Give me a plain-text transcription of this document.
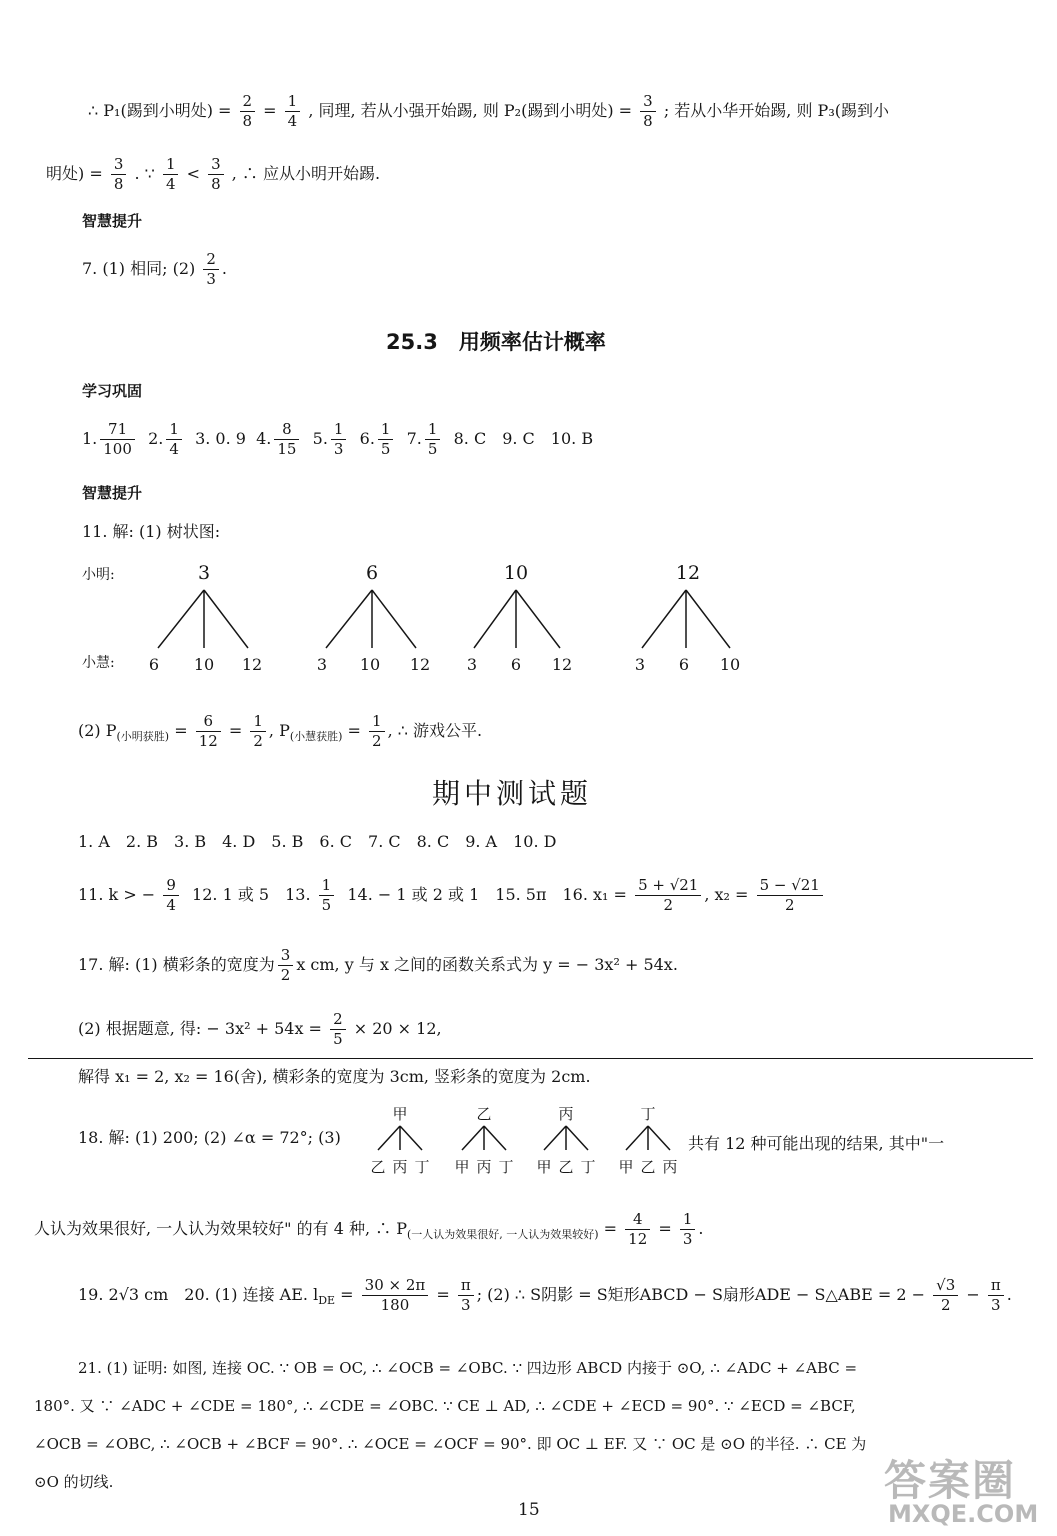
∴ P₁(踢到小明处) = $\frac{2}{8} = \frac{1}{4}$ , 同理, 若从小强开始踢, 则 P₂(踢到小明处) = $\frac{3}{8}$ ; 若从小华开始踢, 则 P₃(踢到小
明处) = $\frac{3}{8}$ . ∵ $\frac{1}{4} < \frac{3}{8}$ , ∴ 应从小明开始踢.
智慧提升
7. (1) 相同; $(2) \frac{2}{3}$ .
25.3　用频率估计概率
学习巩固
1. $\frac{71}{100} 2$. $\frac{1}{4} 3$. 0. 9 4. $\frac{8}{15} 5$. $\frac{1}{3} 6$. $\frac{1}{5} 7$. $\frac{1}{5} 8$. C　9. C　10. B
智慧提升
11. 解: (1) 树状图:
小明:
小慧:
3
6 10 12
6
3 10 12
10
3 6 12
12
3 6 10
(2) $P_{(小明获胜)} = \frac{6}{12} = \frac{1}{2}$ , $P_{(小慧获胜)} = \frac{1}{2}$ , ∴ 游戏公平.
期中测试题
1. A　2. B　3. B　4. D　5. B　6. C　7. C　8. C　9. A　10. D
11. k > − $\frac{9}{4} 12$. 1 或 5　13. $\frac{1}{5} 14$. − 1 或 2 或 1　15. 5π　16. $x_1 = \frac{5 + √21}{2}$ , $x_2 = \frac{5 - √21}{2}$
17. 解: (1) 横彩条的宽度为 $\frac{3}{2}$ x cm, y 与 x 之间的函数关系式为 y = − 3x² + 54x.
(2) 根据题意, 得: − $3x^2 + 54x = \frac{2}{5} \times 20 \times 12$,
解得 x₁ = 2, x₂ = 16(舍), 横彩条的宽度为 3cm, 竖彩条的宽度为 2cm.
18. 解: (1) 200; (2) ∠α = 72°; (3)
甲
乙 丙 丁
乙
甲 丙 丁
丙
甲 乙 丁
丁
甲 乙 丙
共有 12 种可能出现的结果, 其中"一
人认为效果很好, 一人认为效果较好" 的有 4 种, ∴ $P_{(一人认为效果很好, 一人认为效果较好)} = \frac{4}{12} = \frac{1}{3}$ .
19. 2√3 cm　20. (1) 连接 AE. $l_{DE} = \frac{30 \times 2\pi}{180} = \frac{\pi}{3}$ ; (2) ∴ S阴影 = S矩形ABCD − S扇形ADE − S△ABE = $2 - \frac{√3}{2} - \frac{\pi}{3}$ .
21. (1) 证明: 如图, 连接 OC. ∵ OB = OC, ∴ ∠OCB = ∠OBC. ∵ 四边形 ABCD 内接于 ⊙O, ∴ ∠ADC + ∠ABC =
180°. 又 ∵ ∠ADC + ∠CDE = 180°, ∴ ∠CDE = ∠OBC. ∵ CE ⊥ AD, ∴ ∠CDE + ∠ECD = 90°. ∵ ∠ECD = ∠BCF,
∠OCB = ∠OBC, ∴ ∠OCB + ∠BCF = 90°. ∴ ∠OCE = ∠OCF = 90°. 即 OC ⊥ EF. 又 ∵ OC 是 ⊙O 的半径. ∴ CE 为
⊙O 的切线.
15
答案圈
MXQE.COM
